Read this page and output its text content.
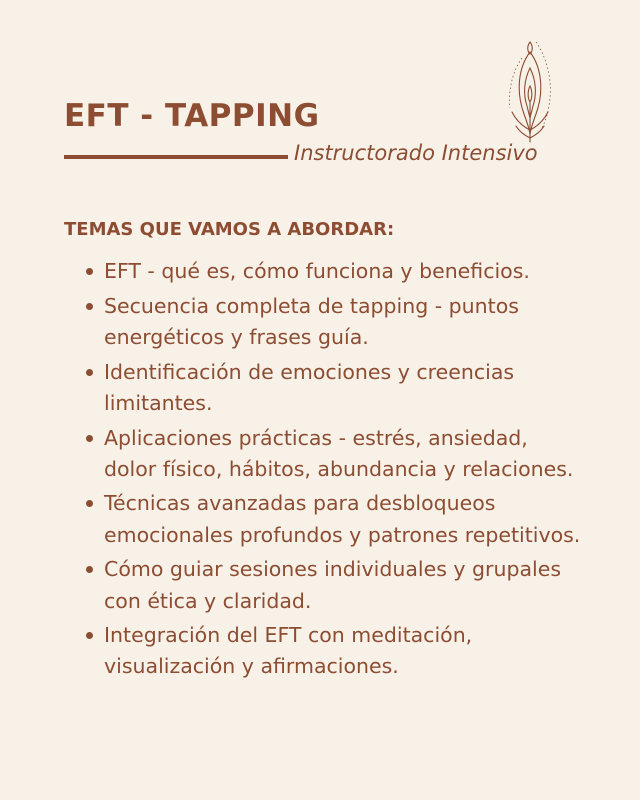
EFT - TAPPING
Instructorado Intensivo
TEMAS QUE VAMOS A ABORDAR:
EFT - qué es, cómo funciona y beneficios.
Secuencia completa de tapping - puntos energéticos y frases guía.
Identificación de emociones y creencias limitantes.
Aplicaciones prácticas - estrés, ansiedad, dolor físico, hábitos, abundancia y relaciones.
Técnicas avanzadas para desbloqueos emocionales profundos y patrones repetitivos.
Cómo guiar sesiones individuales y grupales con ética y claridad.
Integración del EFT con meditación, visualización y afirmaciones.
